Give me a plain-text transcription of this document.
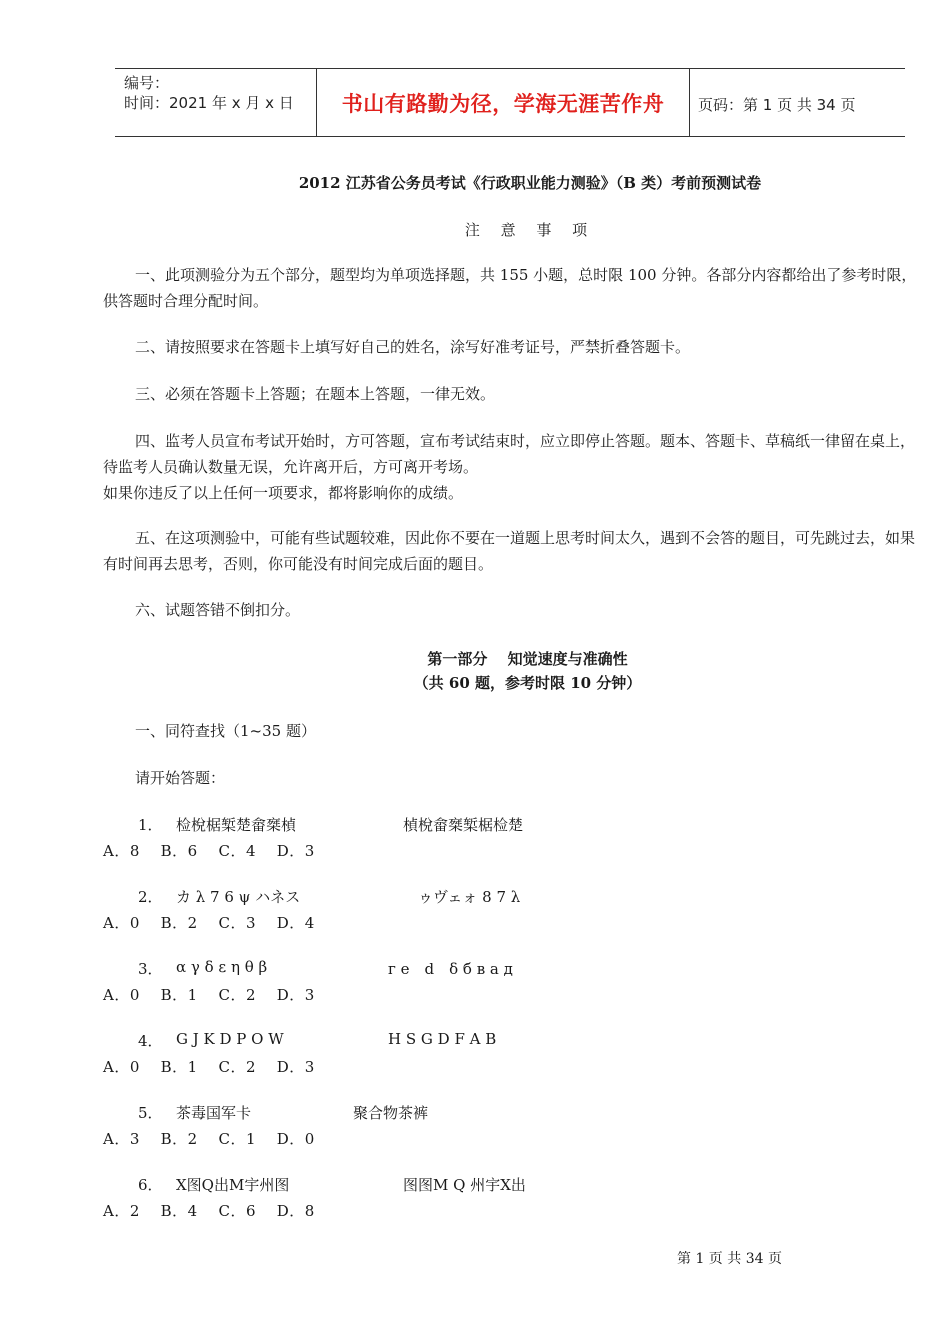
编号：
时间：2021 年 x 月 x 日	书山有路勤为径，学海无涯苦作舟	页码：第 1 页 共 34 页
2012 江苏省公务员考试《行政职业能力测验》（B 类）考前预测试卷
注 意 事 项
一、此项测验分为五个部分，题型均为单项选择题，共 155 小题，总时限 100 分钟。各部分内容都给出了参考时限，供答题时合理分配时间。
二、请按照要求在答题卡上填写好自己的姓名，涂写好准考证号，严禁折叠答题卡。
三、必须在答题卡上答题；在题本上答题，一律无效。
四、监考人员宣布考试开始时，方可答题，宣布考试结束时，应立即停止答题。题本、答题卡、草稿纸一律留在桌上，待监考人员确认数量无误，允许离开后，方可离开考场。
如果你违反了以上任何一项要求，都将影响你的成绩。
五、在这项测验中，可能有些试题较难，因此你不要在一道题上思考时间太久，遇到不会答的题目，可先跳过去，如果有时间再去思考，否则，你可能没有时间完成后面的题目。
六、试题答错不倒扣分。
第一部分　 知觉速度与准确性
（共 60 题，参考时限 10 分钟）
一、同符查找（1~35 题）
请开始答题：
1． 检梲椐椠楚畲椉楨	楨梲畲椉椠椐检楚
A．8　 B．6　 C．4　 D．3
2． カ λ 7 6 ψ ハネス	ゥヴェォ 8 7 λ
A．0　 B．2　 C．3　 D．4
3． α γ δ ε η θ β	г е　d　δ б в а д
A．0　 B．1　 C．2　 D．3
4． G J K D P O W	H S G D F A B
A．0　 B．1　 C．2　 D．3
5． 茶毒国军卡	聚合物茶裤
A．3　 B．2　 C．1　 D．0
6． X图Q出M宇州图	图图M Q 州宇X出
A．2　 B．4　 C．6　 D．8
第 1 页 共 34 页
